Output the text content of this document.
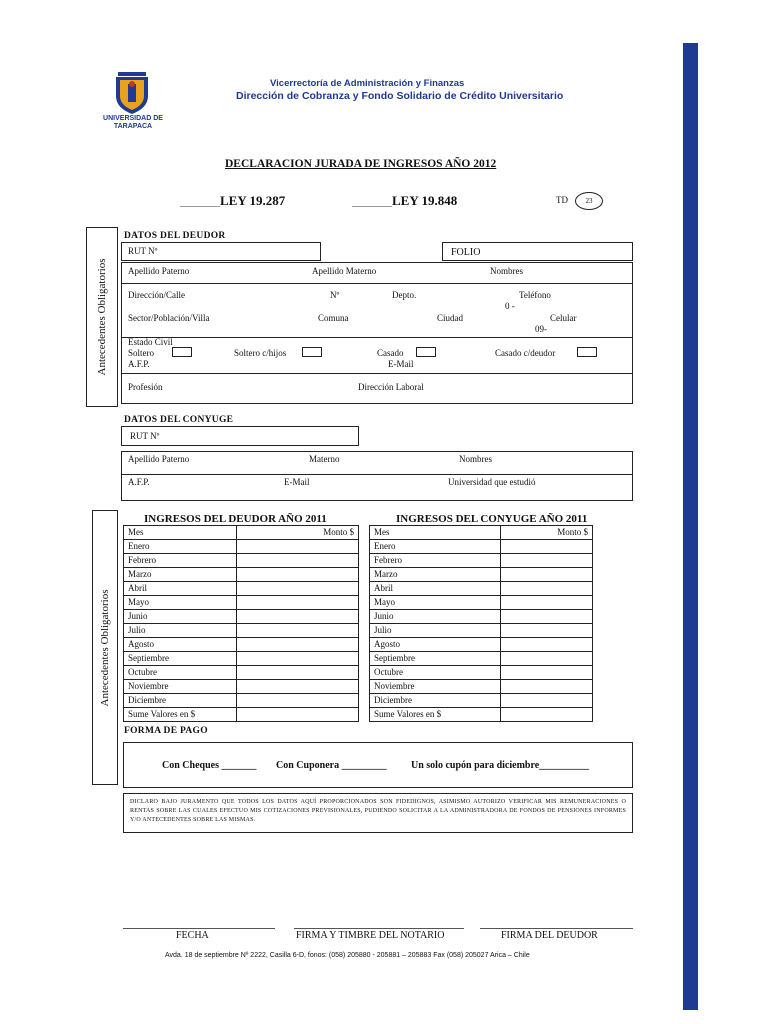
UNIVERSIDAD DE TARAPACA
Vicerrectoría de Administración y Finanzas
Dirección de Cobranza y Fondo Solidario de Crédito Universitario
DECLARACION JURADA DE INGRESOS AÑO 2012
________LEY 19.287	________LEY 19.848	TD	23
Antecedentes Obligatorios
DATOS DEL DEUDOR
RUT Nº	FOLIO
Apellido Paterno	Apellido Materno	Nombres
Dirección/Calle	Nº	Depto.	Teléfono
0 -
Sector/Población/Villa	Comuna	Ciudad	Celular
09-
Estado Civil
Soltero	Soltero c/hijos	Casado	Casado c/deudor
A.F.P.	E-Mail
Profesión	Dirección Laboral
DATOS DEL CONYUGE
RUT Nº
Apellido Paterno	Materno	Nombres
A.F.P.	E-Mail	Universidad que estudió
Antecedentes Obligatorios
INGRESOS DEL DEUDOR AÑO 2011	INGRESOS DEL CONYUGE AÑO 2011
Mes	Monto $
Enero	
Febrero	
Marzo	
Abril	
Mayo	
Junio	
Julio	
Agosto	
Septiembre	
Octubre	
Noviembre	
Diciembre	
Sume Valores en $	
Mes	Monto $
Enero	
Febrero	
Marzo	
Abril	
Mayo	
Junio	
Julio	
Agosto	
Septiembre	
Octubre	
Noviembre	
Diciembre	
Sume Valores en $	
FORMA DE PAGO
Con Cheques _______ Con Cuponera _________ Un solo cupón para diciembre__________
DICLARO BAJO JURAMENTO QUE TODOS LOS DATOS AQUÍ PROPORCIONADOS SON FIDEDIGNOS, ASIMISMO AUTORIZO VERIFICAR MIS REMUNERACIONES O RENTAS SOBRE LAS CUALES EFECTUO MIS COTIZACIONES PREVISIONALES, PUDIENDO SOLICITAR A LA ADMINISTRADORA DE FONDOS DE PENSIONES INFORMES Y/O ANTECEDENTES SOBRE LAS MISMAS.
FECHA	FIRMA Y TIMBRE DEL NOTARIO	FIRMA DEL DEUDOR
Avda. 18 de septiembre Nº 2222, Casilla 6-D, fonos: (058) 205880 - 205881 – 205883 Fax (058) 205027 Arica – Chile
